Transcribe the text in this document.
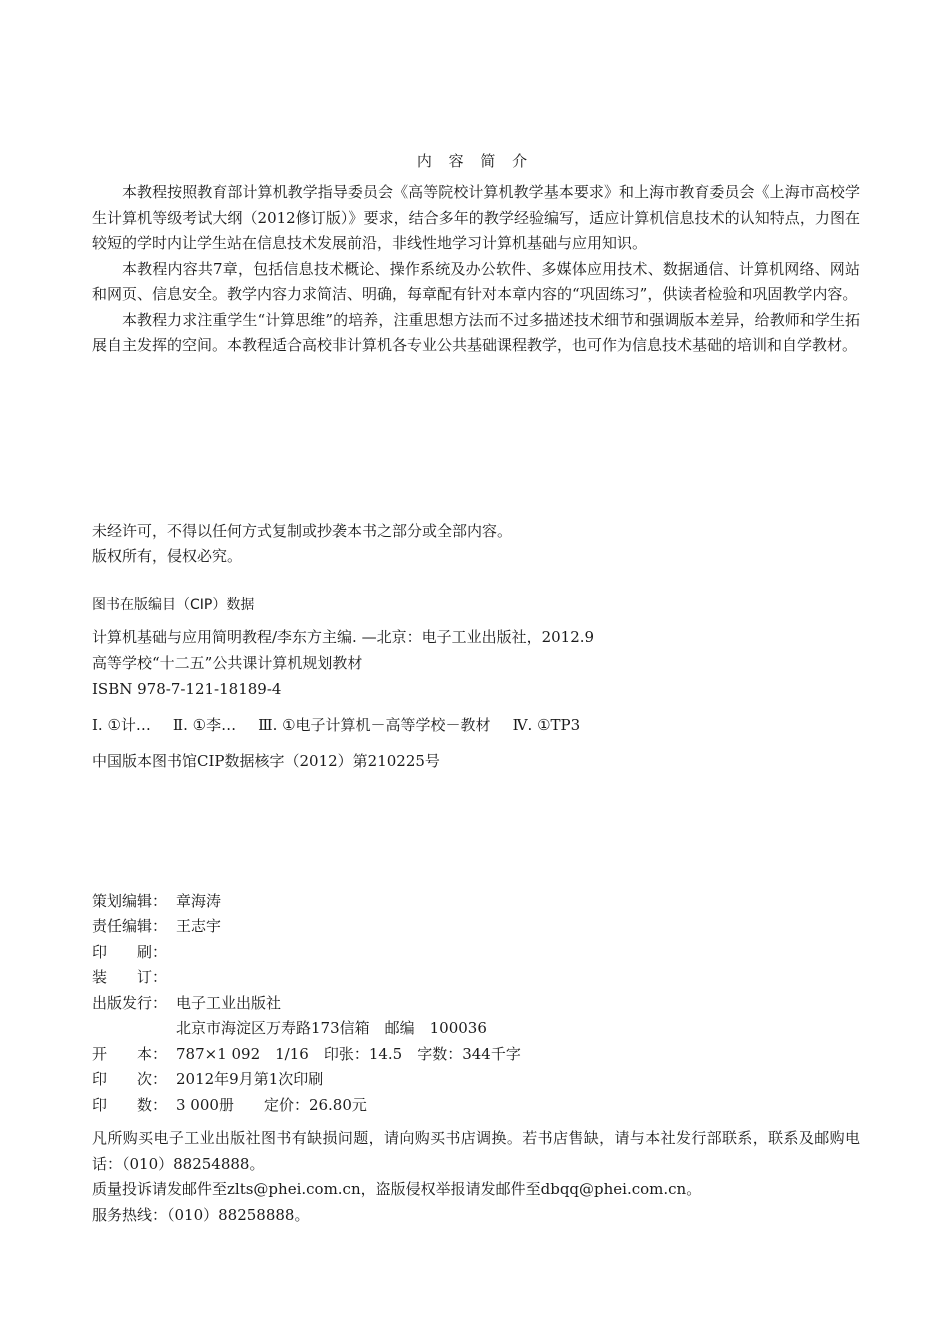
内 容 简 介

本教程按照教育部计算机教学指导委员会《高等院校计算机教学基本要求》和上海市教育委员会《上海市高校学生计算机等级考试大纲（2012修订版）》要求，结合多年的教学经验编写，适应计算机信息技术的认知特点，力图在较短的学时内让学生站在信息技术发展前沿，非线性地学习计算机基础与应用知识。

本教程内容共7章，包括信息技术概论、操作系统及办公软件、多媒体应用技术、数据通信、计算机网络、网站和网页、信息安全。教学内容力求简洁、明确，每章配有针对本章内容的“巩固练习”，供读者检验和巩固教学内容。

本教程力求注重学生“计算思维”的培养，注重思想方法而不过多描述技术细节和强调版本差异，给教师和学生拓展自主发挥的空间。本教程适合高校非计算机各专业公共基础课程教学，也可作为信息技术基础的培训和自学教材。

未经许可，不得以任何方式复制或抄袭本书之部分或全部内容。
版权所有，侵权必究。
图书在版编目（CIP）数据
计算机基础与应用简明教程/李东方主编. —北京：电子工业出版社，2012.9
高等学校“十二五”公共课计算机规划教材
ISBN 978-7-121-18189-4
Ⅰ. ①计… Ⅱ. ①李… Ⅲ. ①电子计算机－高等学校－教材 Ⅳ. ①TP3
中国版本图书馆CIP数据核字（2012）第210225号
策划编辑： 章海涛
责任编辑： 王志宇
印　　刷：
装　　订：
出版发行： 电子工业出版社
北京市海淀区万寿路173信箱　邮编　100036
开　　本： 787×1 092　1/16　印张：14.5　字数：344千字
印　　次： 2012年9月第1次印刷
印　　数： 3 000册　　定价：26.80元

凡所购买电子工业出版社图书有缺损问题，请向购买书店调换。若书店售缺，请与本社发行部联系，联系及邮购电话：（010）88254888。

质量投诉请发邮件至zlts@phei.com.cn，盗版侵权举报请发邮件至dbqq@phei.com.cn。

服务热线：（010）88258888。
